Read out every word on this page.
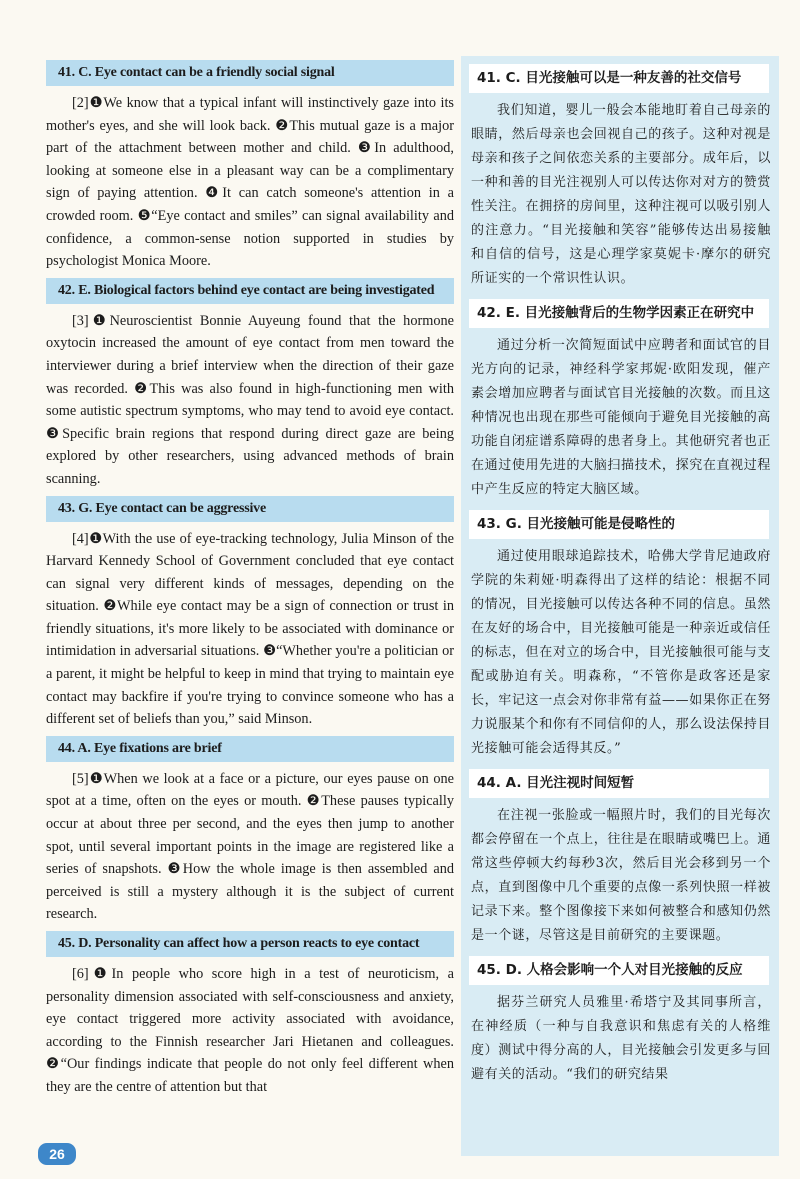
41. C. Eye contact can be a friendly social signal

[2]❶We know that a typical infant will instinctively gaze into its mother's eyes, and she will look back. ❷This mutual gaze is a major part of the attachment between mother and child. ❸In adulthood, looking at someone else in a pleasant way can be a complimentary sign of paying attention. ❹It can catch someone's attention in a crowded room. ❺“Eye contact and smiles” can signal availability and confidence, a common-sense notion supported in studies by psychologist Monica Moore.

42. E. Biological factors behind eye contact are being investigated

[3]❶Neuroscientist Bonnie Auyeung found that the hormone oxytocin increased the amount of eye contact from men toward the interviewer during a brief interview when the direction of their gaze was recorded. ❷This was also found in high-functioning men with some autistic spectrum symptoms, who may tend to avoid eye contact. ❸Specific brain regions that respond during direct gaze are being explored by other researchers, using advanced methods of brain scanning.

43. G. Eye contact can be aggressive

[4]❶With the use of eye-tracking technology, Julia Minson of the Harvard Kennedy School of Government concluded that eye contact can signal very different kinds of messages, depending on the situation. ❷While eye contact may be a sign of connection or trust in friendly situations, it's more likely to be associated with dominance or intimidation in adversarial situations. ❸“Whether you're a politician or a parent, it might be helpful to keep in mind that trying to maintain eye contact may backfire if you're trying to convince someone who has a different set of beliefs than you,” said Minson.

44. A. Eye fixations are brief

[5]❶When we look at a face or a picture, our eyes pause on one spot at a time, often on the eyes or mouth. ❷These pauses typically occur at about three per second, and the eyes then jump to another spot, until several important points in the image are registered like a series of snapshots. ❸How the whole image is then assembled and perceived is still a mystery although it is the subject of current research.

45. D. Personality can affect how a person reacts to eye contact

[6]❶In people who score high in a test of neuroticism, a personality dimension associated with self-consciousness and anxiety, eye contact triggered more activity associated with avoidance, according to the Finnish researcher Jari Hietanen and colleagues. ❷“Our findings indicate that people do not only feel different when they are the centre of attention but that

41. C. 目光接触可以是一种友善的社交信号

我们知道，婴儿一般会本能地盯着自己母亲的眼睛，然后母亲也会回视自己的孩子。这种对视是母亲和孩子之间依恋关系的主要部分。成年后，以一种和善的目光注视别人可以传达你对对方的赞赏性关注。在拥挤的房间里，这种注视可以吸引别人的注意力。“目光接触和笑容”能够传达出易接触和自信的信号，这是心理学家莫妮卡·摩尔的研究所证实的一个常识性认识。

42. E. 目光接触背后的生物学因素正在研究中

通过分析一次简短面试中应聘者和面试官的目光方向的记录，神经科学家邦妮·欧阳发现，催产素会增加应聘者与面试官目光接触的次数。而且这种情况也出现在那些可能倾向于避免目光接触的高功能自闭症谱系障碍的患者身上。其他研究者也正在通过使用先进的大脑扫描技术，探究在直视过程中产生反应的特定大脑区域。

43. G. 目光接触可能是侵略性的

通过使用眼球追踪技术，哈佛大学肯尼迪政府学院的朱莉娅·明森得出了这样的结论：根据不同的情况，目光接触可以传达各种不同的信息。虽然在友好的场合中，目光接触可能是一种亲近或信任的标志，但在对立的场合中，目光接触很可能与支配或胁迫有关。明森称，“不管你是政客还是家长，牢记这一点会对你非常有益——如果你正在努力说服某个和你有不同信仰的人，那么设法保持目光接触可能会适得其反。”

44. A. 目光注视时间短暂

在注视一张脸或一幅照片时，我们的目光每次都会停留在一个点上，往往是在眼睛或嘴巴上。通常这些停顿大约每秒3次，然后目光会移到另一个点，直到图像中几个重要的点像一系列快照一样被记录下来。整个图像接下来如何被整合和感知仍然是一个谜，尽管这是目前研究的主要课题。

45. D. 人格会影响一个人对目光接触的反应

据芬兰研究人员雅里·希塔宁及其同事所言，在神经质（一种与自我意识和焦虑有关的人格维度）测试中得分高的人，目光接触会引发更多与回避有关的活动。“我们的研究结果

26
